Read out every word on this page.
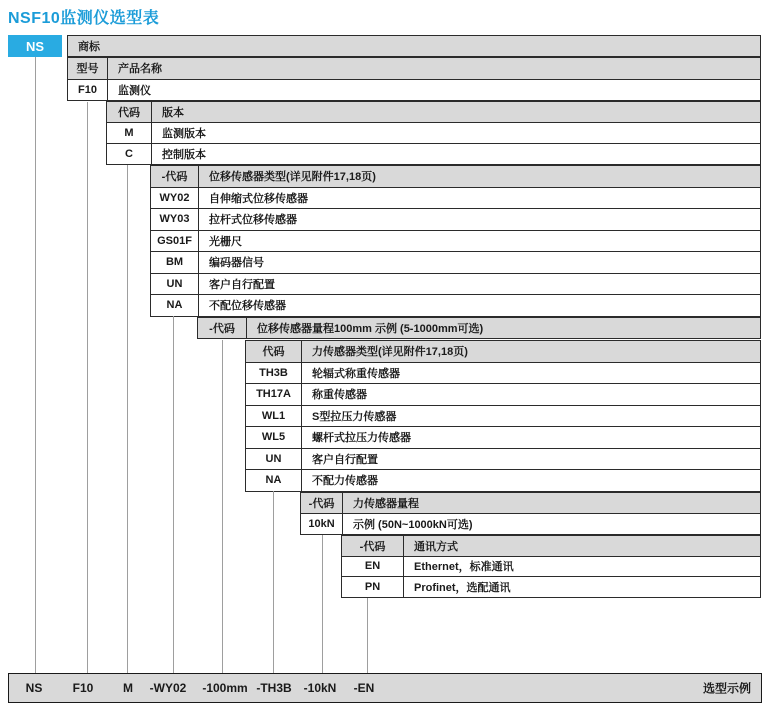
NSF10监测仪选型表
NS	商标
型号	产品名称
F10	监测仪
代码	版本
M	监测版本
C	控制版本
-代码	位移传感器类型(详见附件17,18页)
WY02	自伸缩式位移传感器
WY03	拉杆式位移传感器
GS01F	光栅尺
BM	编码器信号
UN	客户自行配置
NA	不配位移传感器
-代码	位移传感器量程100mm 示例 (5-1000mm可选)
代码	力传感器类型(详见附件17,18页)
TH3B	轮辐式称重传感器
TH17A	称重传感器
WL1	S型拉压力传感器
WL5	螺杆式拉压力传感器
UN	客户自行配置
NA	不配力传感器
-代码	力传感器量程
10kN	示例 (50N~1000kN可选)
-代码	通讯方式
EN	Ethernet，标准通讯
PN	Profinet，选配通讯
NS	F10 M -WY02 -100mm -TH3B -10kN -EN	选型示例
